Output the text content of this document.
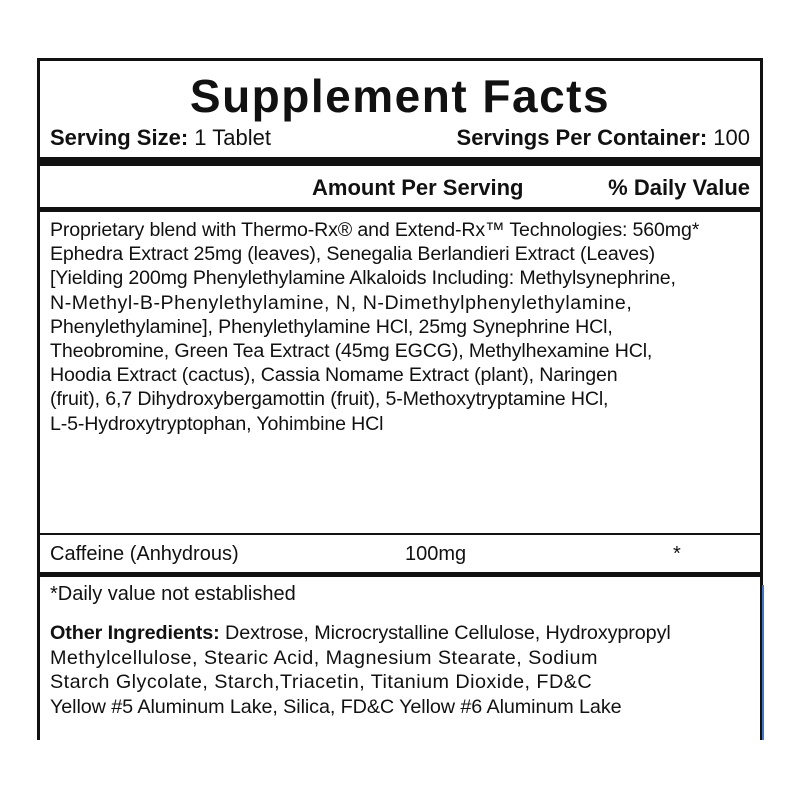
Supplement Facts
Serving Size: 1 Tablet	Servings Per Container: 100
Amount Per Serving	% Daily Value
Proprietary blend with Thermo-Rx® and Extend-Rx™ Technologies: 560mg*
Ephedra Extract 25mg (leaves), Senegalia Berlandieri Extract (Leaves)
[Yielding 200mg Phenylethylamine Alkaloids Including: Methylsynephrine,
N-Methyl-B-Phenylethylamine, N, N-Dimethylphenylethylamine,
Phenylethylamine], Phenylethylamine HCl, 25mg Synephrine HCl,
Theobromine, Green Tea Extract (45mg EGCG), Methylhexamine HCl,
Hoodia Extract (cactus), Cassia Nomame Extract (plant), Naringen
(fruit), 6,7 Dihydroxybergamottin (fruit), 5-Methoxytryptamine HCl,
L-5-Hydroxytryptophan, Yohimbine HCl
Caffeine (Anhydrous)	100mg	*
*Daily value not established
Other Ingredients: Dextrose, Microcrystalline Cellulose, Hydroxypropyl
Methylcellulose, Stearic Acid, Magnesium Stearate, Sodium
Starch Glycolate, Starch,Triacetin, Titanium Dioxide, FD&C
Yellow #5 Aluminum Lake, Silica, FD&C Yellow #6 Aluminum Lake
